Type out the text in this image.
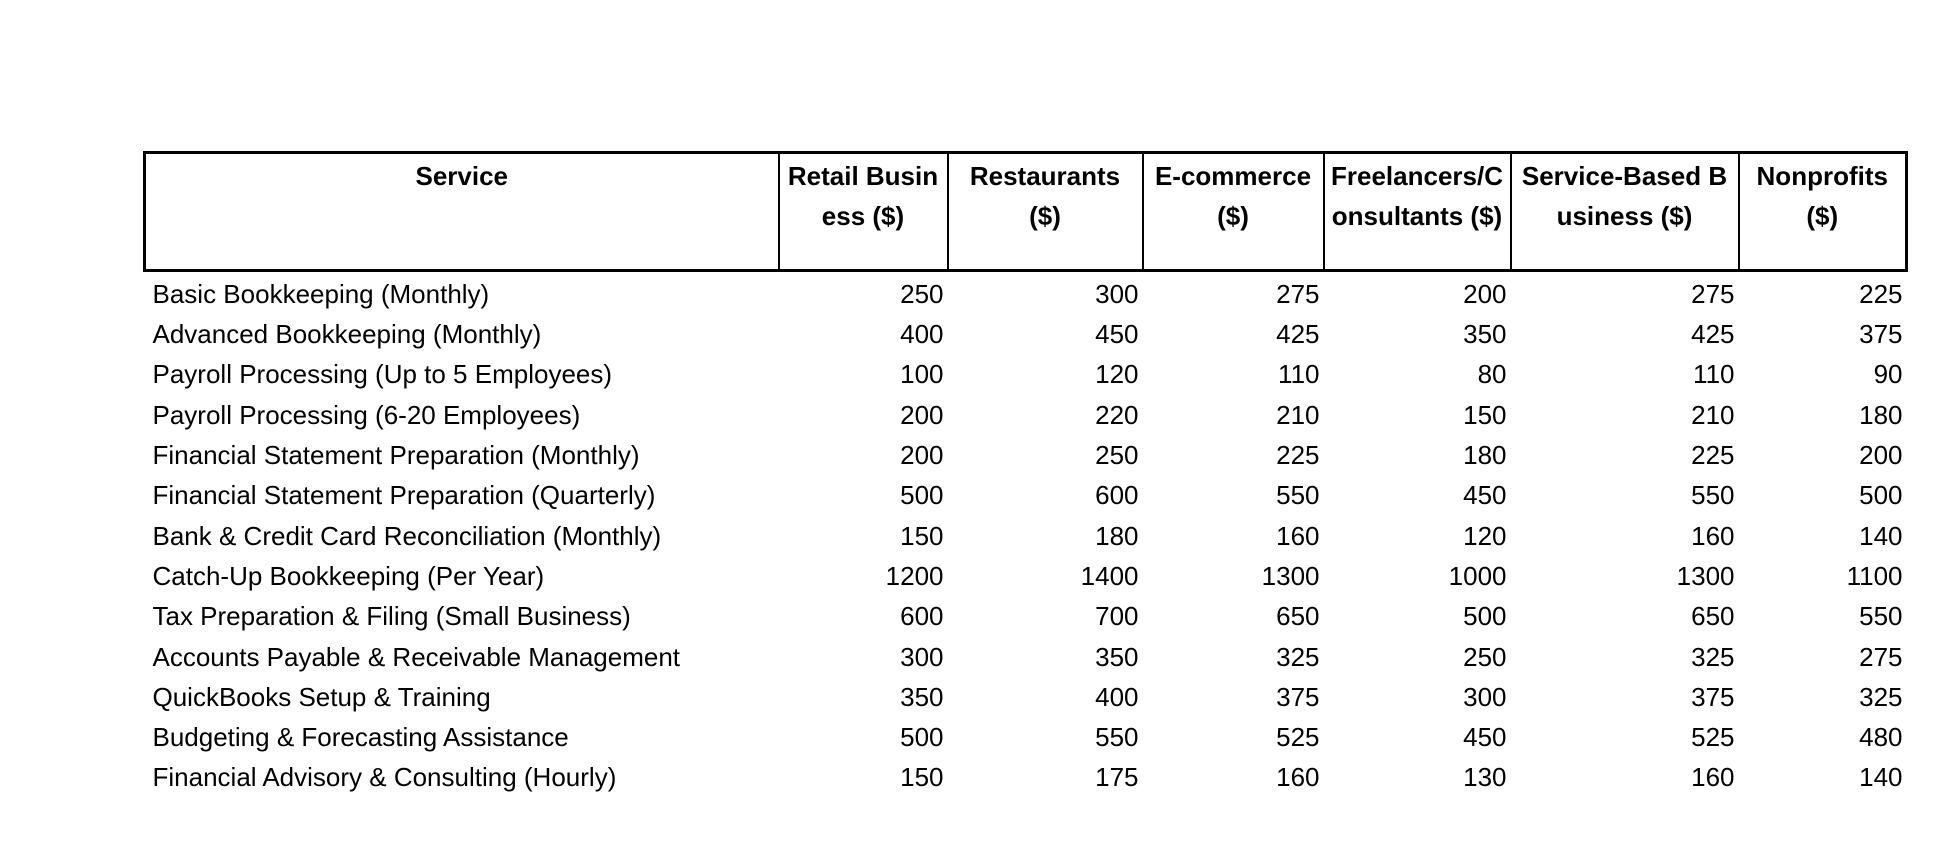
Service	Retail Business ($)	Restaurants ($)	E-commerce ($)	Freelancers/Consultants ($)	Service-Based Business ($)	Nonprofits ($)
Basic Bookkeeping (Monthly)	250	300	275	200	275	225
Advanced Bookkeeping (Monthly)	400	450	425	350	425	375
Payroll Processing (Up to 5 Employees)	100	120	110	80	110	90
Payroll Processing (6-20 Employees)	200	220	210	150	210	180
Financial Statement Preparation (Monthly)	200	250	225	180	225	200
Financial Statement Preparation (Quarterly)	500	600	550	450	550	500
Bank & Credit Card Reconciliation (Monthly)	150	180	160	120	160	140
Catch-Up Bookkeeping (Per Year)	1200	1400	1300	1000	1300	1100
Tax Preparation & Filing (Small Business)	600	700	650	500	650	550
Accounts Payable & Receivable Management	300	350	325	250	325	275
QuickBooks Setup & Training	350	400	375	300	375	325
Budgeting & Forecasting Assistance	500	550	525	450	525	480
Financial Advisory & Consulting (Hourly)	150	175	160	130	160	140
